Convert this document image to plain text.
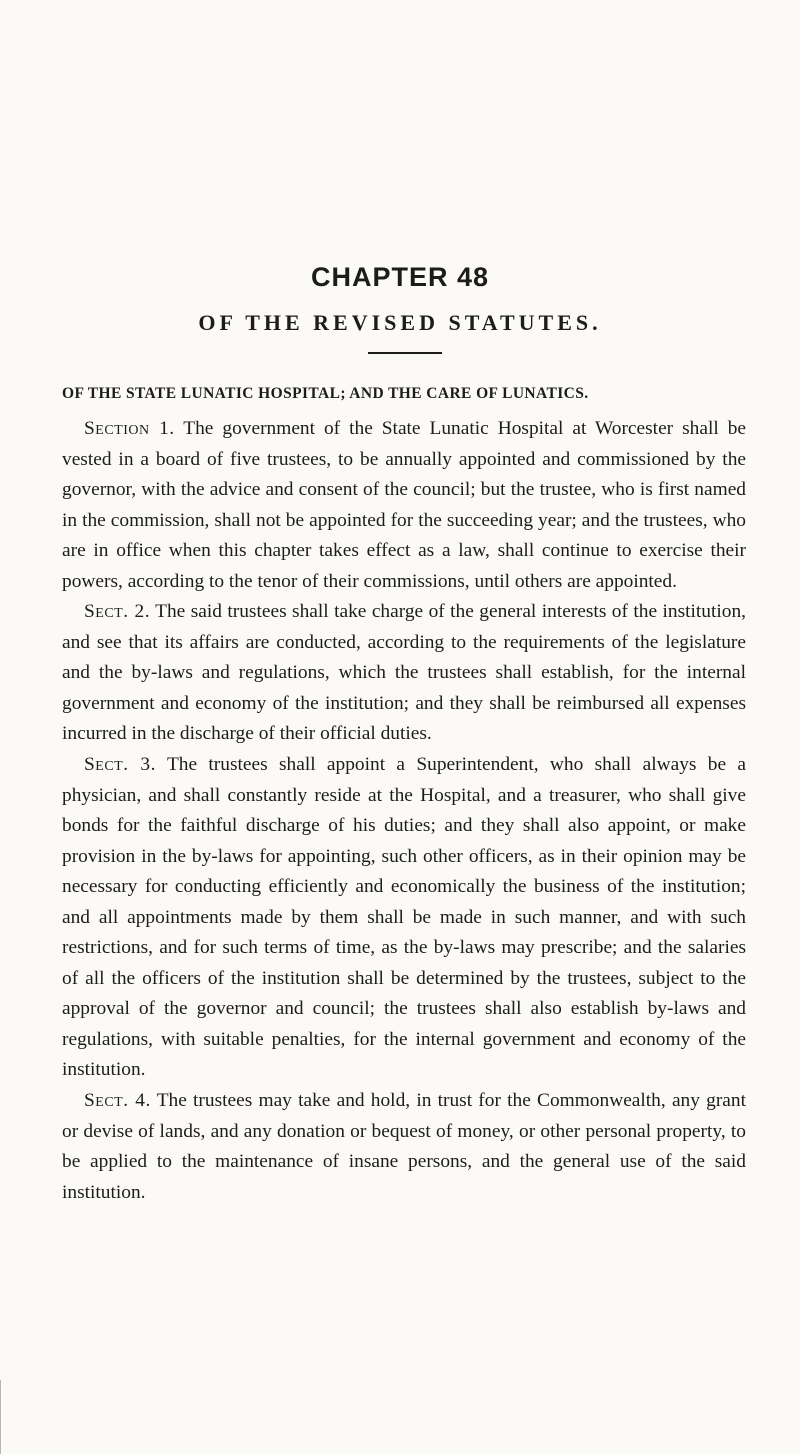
CHAPTER 48
OF THE REVISED STATUTES.
OF THE STATE LUNATIC HOSPITAL; AND THE CARE OF LUNATICS.

Section 1. The government of the State Lunatic Hospital at Worcester shall be vested in a board of five trustees, to be annually appointed and commissioned by the governor, with the advice and consent of the council; but the trustee, who is first named in the commission, shall not be appointed for the succeeding year; and the trustees, who are in office when this chapter takes effect as a law, shall continue to exercise their powers, according to the tenor of their commissions, until others are appointed.

Sect. 2. The said trustees shall take charge of the general interests of the institution, and see that its affairs are conducted, according to the requirements of the legislature and the by-laws and regulations, which the trustees shall establish, for the internal government and economy of the institution; and they shall be reimbursed all expenses incurred in the discharge of their official duties.

Sect. 3. The trustees shall appoint a Superintendent, who shall always be a physician, and shall constantly reside at the Hospital, and a treasurer, who shall give bonds for the faithful discharge of his duties; and they shall also appoint, or make provision in the by-laws for appointing, such other officers, as in their opinion may be necessary for conducting efficiently and economically the business of the institution; and all appointments made by them shall be made in such manner, and with such restrictions, and for such terms of time, as the by-laws may prescribe; and the salaries of all the officers of the institution shall be determined by the trustees, subject to the approval of the governor and council; the trustees shall also establish by-laws and regulations, with suitable penalties, for the internal government and economy of the institution.

Sect. 4. The trustees may take and hold, in trust for the Commonwealth, any grant or devise of lands, and any donation or bequest of money, or other personal property, to be applied to the maintenance of insane persons, and the general use of the said institution.
